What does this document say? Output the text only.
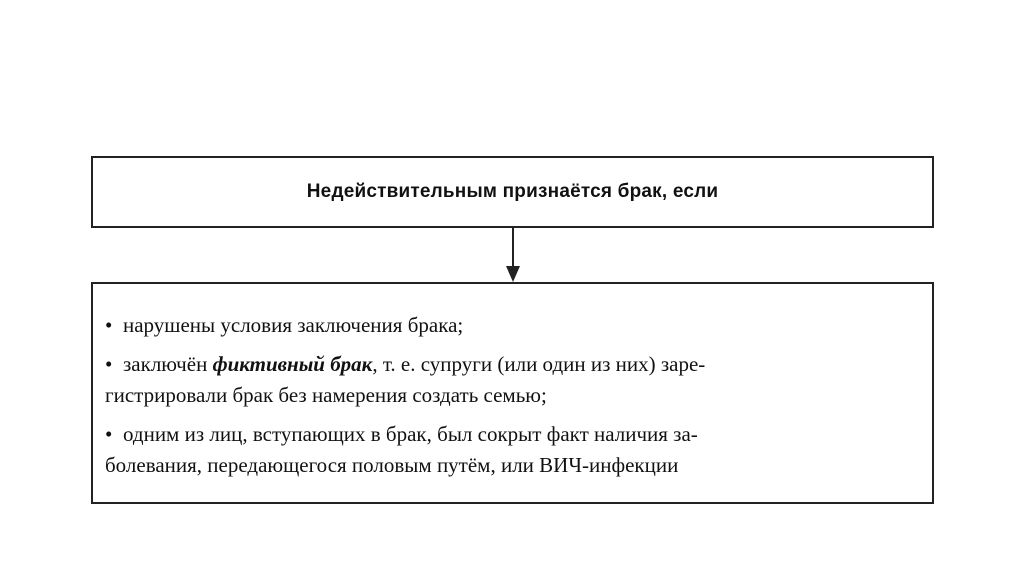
Недействительным признаётся брак, если
• нарушены условия заключения брака;
• заключён фиктивный брак, т. е. супруги (или один из них) заре-
гистрировали брак без намерения создать семью;
• одним из лиц, вступающих в брак, был сокрыт факт наличия за-
болевания, передающегося половым путём, или ВИЧ-инфекции
